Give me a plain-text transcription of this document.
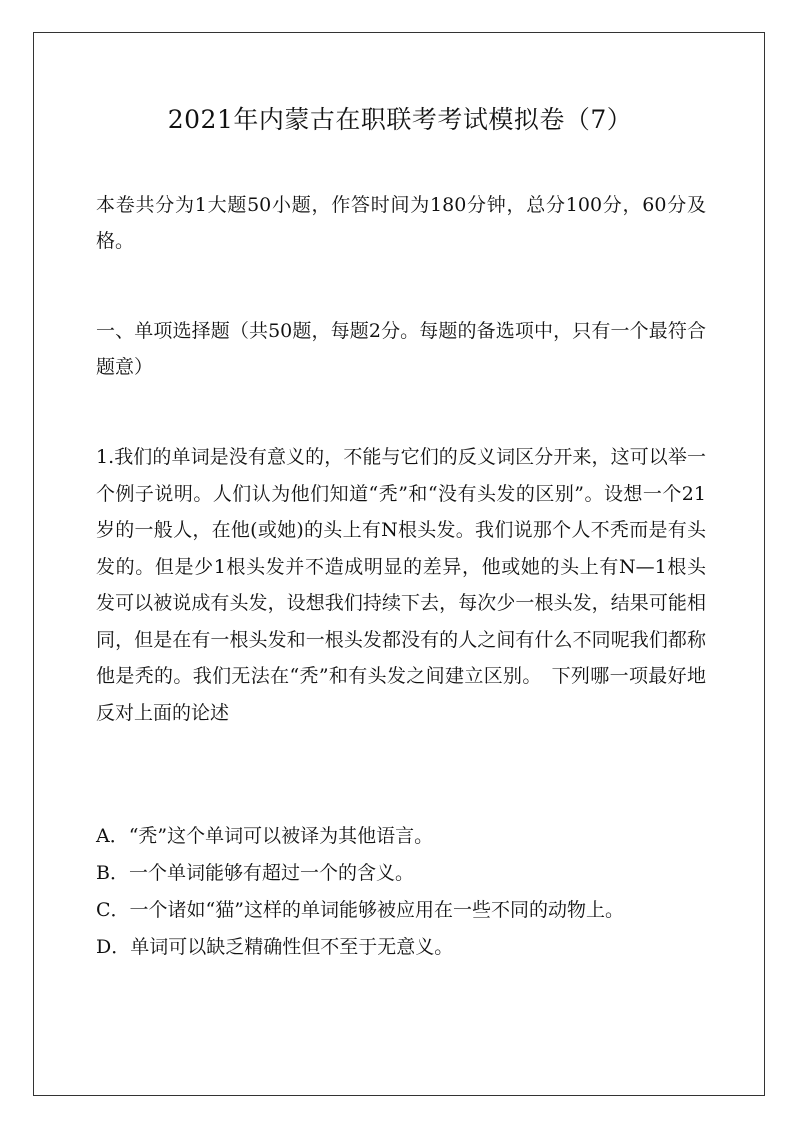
2021年内蒙古在职联考考试模拟卷（7）
本卷共分为1大题50小题，作答时间为180分钟，总分100分，60分及格。
一、单项选择题（共50题，每题2分。每题的备选项中，只有一个最符合题意）
1.我们的单词是没有意义的，不能与它们的反义词区分开来，这可以举一个例子说明。人们认为他们知道“秃”和“没有头发的区别”。设想一个21岁的一般人，在他(或她)的头上有N根头发。我们说那个人不秃而是有头发的。但是少1根头发并不造成明显的差异，他或她的头上有N—1根头发可以被说成有头发，设想我们持续下去，每次少一根头发，结果可能相同，但是在有一根头发和一根头发都没有的人之间有什么不同呢我们都称他是秃的。我们无法在“秃”和有头发之间建立区别。　下列哪一项最好地反对上面的论述
A．“秃”这个单词可以被译为其他语言。
B．一个单词能够有超过一个的含义。
C．一个诸如“猫”这样的单词能够被应用在一些不同的动物上。
D．单词可以缺乏精确性但不至于无意义。
